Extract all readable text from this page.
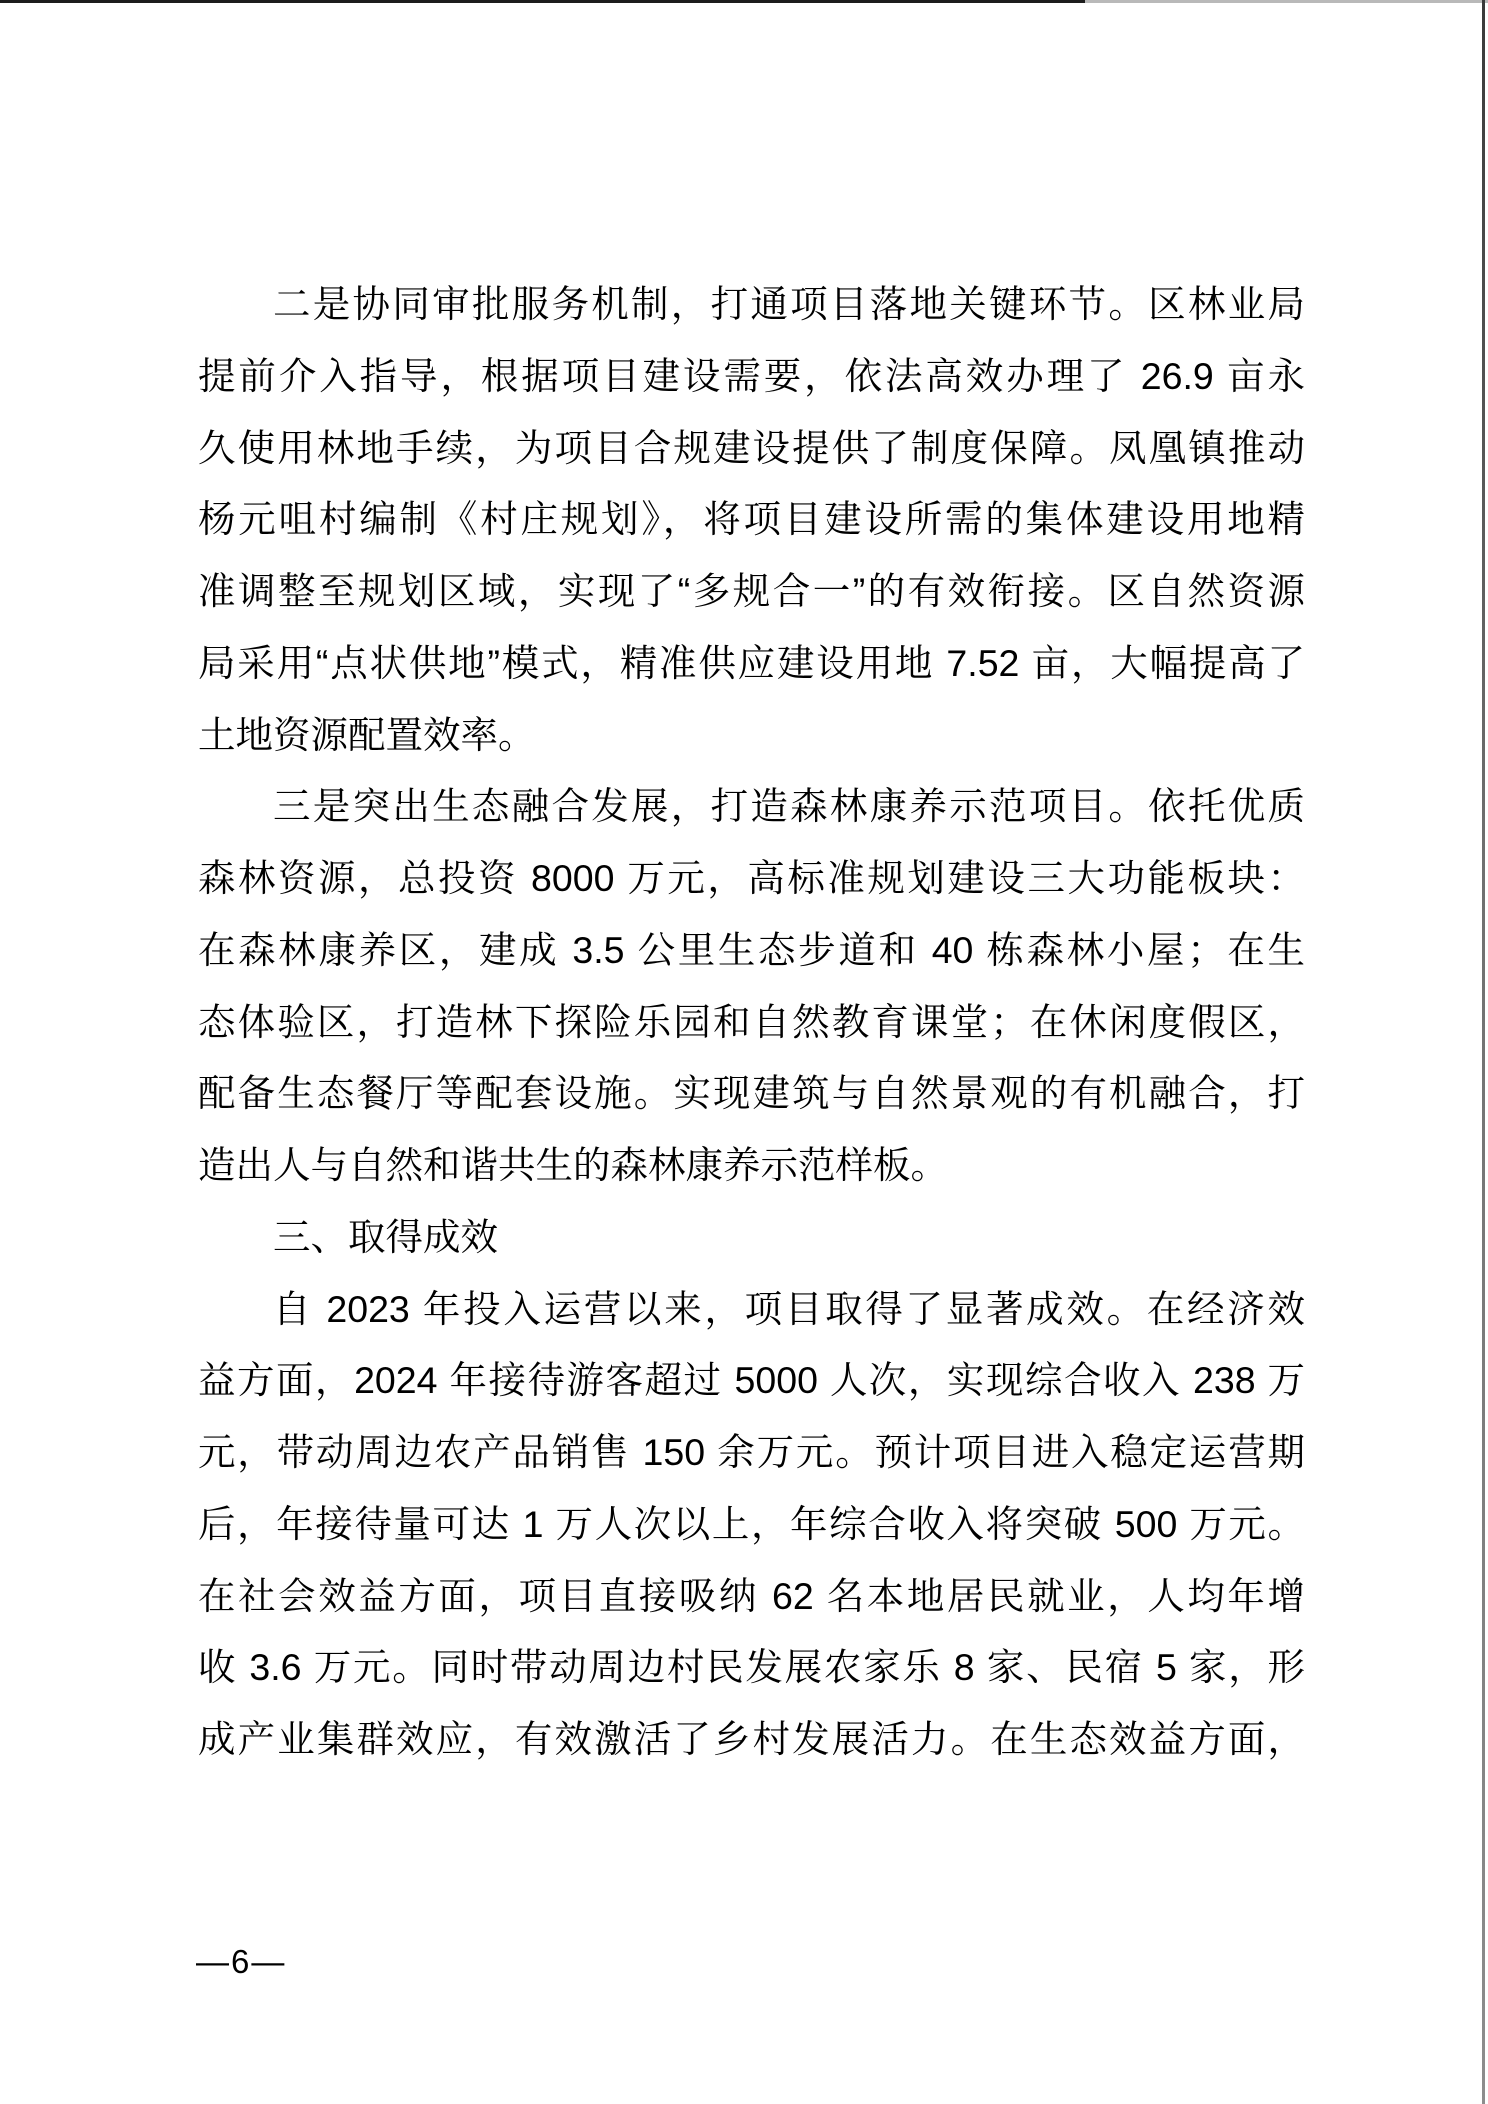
二是协同审批服务机制，打通项目落地关键环节。区林业局

提前介入指导，根据项目建设需要，依法高效办理了 26.9 亩永

久使用林地手续，为项目合规建设提供了制度保障。凤凰镇推动

杨元咀村编制《村庄规划》，将项目建设所需的集体建设用地精

准调整至规划区域，实现了“多规合一”的有效衔接。区自然资源

局采用“点状供地”模式，精准供应建设用地 7.52 亩，大幅提高了

土地资源配置效率。

三是突出生态融合发展，打造森林康养示范项目。依托优质

森林资源，总投资 8000 万元，高标准规划建设三大功能板块：

在森林康养区，建成 3.5 公里生态步道和 40 栋森林小屋；在生

态体验区，打造林下探险乐园和自然教育课堂；在休闲度假区，

配备生态餐厅等配套设施。实现建筑与自然景观的有机融合，打

造出人与自然和谐共生的森林康养示范样板。

三、取得成效

自 2023 年投入运营以来，项目取得了显著成效。在经济效

益方面，2024 年接待游客超过 5000 人次，实现综合收入 238 万

元，带动周边农产品销售 150 余万元。预计项目进入稳定运营期

后，年接待量可达 1 万人次以上，年综合收入将突破 500 万元。

在社会效益方面，项目直接吸纳 62 名本地居民就业，人均年增

收 3.6 万元。同时带动周边村民发展农家乐 8 家、民宿 5 家，形

成产业集群效应，有效激活了乡村发展活力。在生态效益方面，

—6—
